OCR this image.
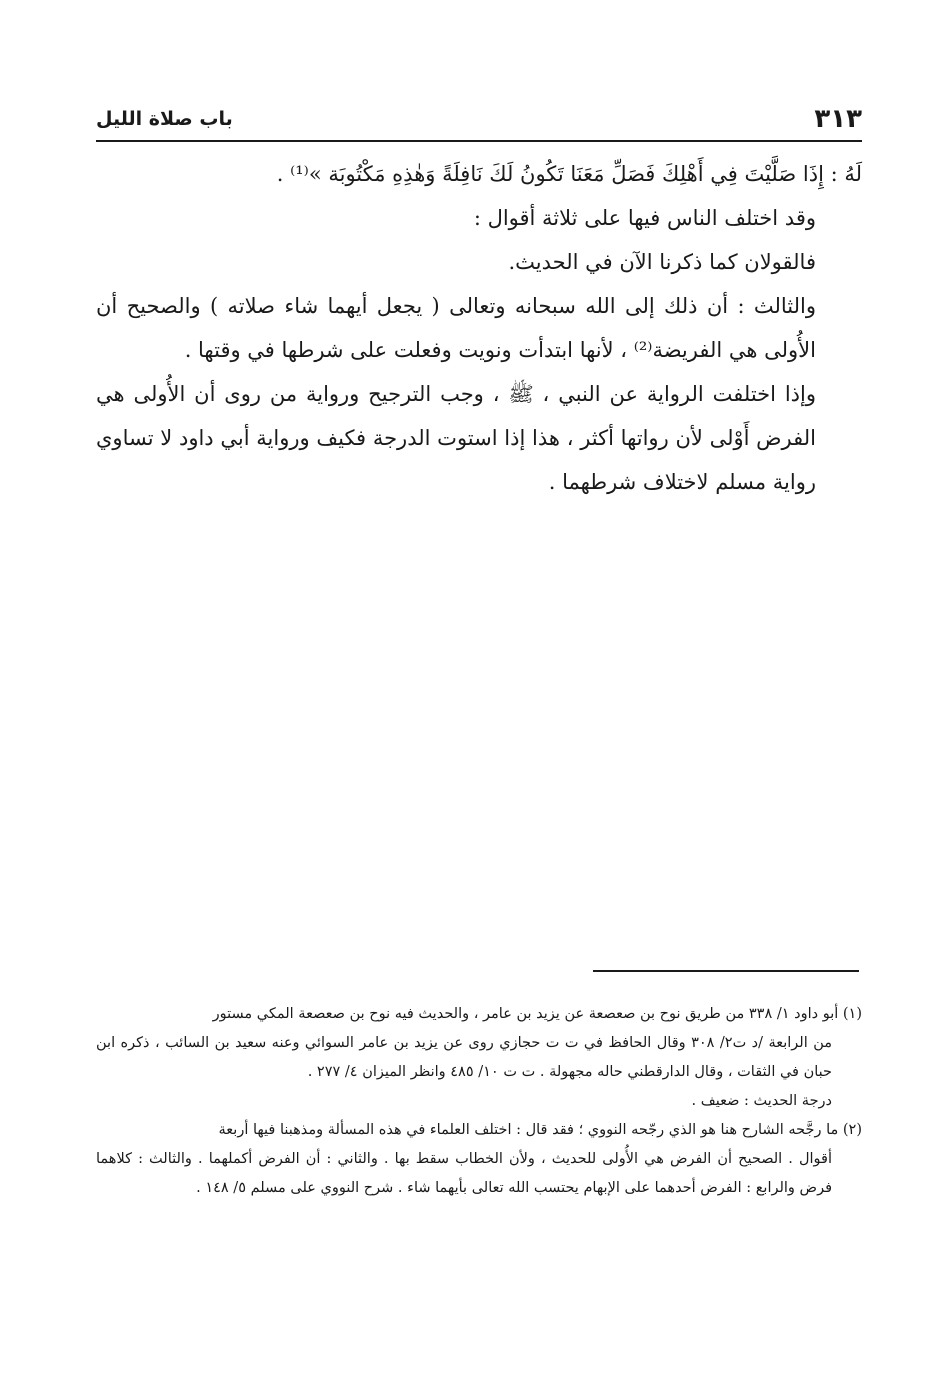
٣١٣
باب صلاة الليل

لَهُ : إِذَا صَلَّيْتَ فِي أَهْلِكَ فَصَلِّ مَعَنَا تَكُونُ لَكَ نَافِلَةً وَهٰذِهِ مَكْتُوبَة »⁽¹⁾ .

وقد اختلف الناس فيها على ثلاثة أقوال :

فالقولان كما ذكرنا الآن في الحديث.

والثالث : أن ذلك إلى الله سبحانه وتعالى ( يجعل أيهما شاء صلاته ) والصحيح أن الأُولى هي الفريضة⁽²⁾ ، لأنها ابتدأت ونويت وفعلت على شرطها في وقتها .

وإذا اختلفت الرواية عن النبي ، ﷺ ، وجب الترجيح ورواية من روى أن الأُولى هي الفرض أَوْلى لأن رواتها أكثر ، هذا إذا استوت الدرجة فكيف ورواية أبي داود لا تساوي رواية مسلم لاختلاف شرطهما .

(١) أبو داود ١/ ٣٣٨ من طريق نوح بن صعصعة عن يزيد بن عامر ، والحديث فيه نوح بن صعصعة المكي مستور

من الرابعة /د ت٢/ ٣٠٨ وقال الحافظ في ت ت حجازي روى عن يزيد بن عامر السوائي وعنه سعيد بن السائب ، ذكره ابن حبان في الثقات ، وقال الدارقطني حاله مجهولة . ت ت ١٠/ ٤٨٥ وانظر الميزان ٤/ ٢٧٧ .

درجة الحديث : ضعيف .

(٢) ما رجَّحه الشارح هنا هو الذي رجّحه النووي ؛ فقد قال : اختلف العلماء في هذه المسألة ومذهبنا فيها أربعة

أقوال . الصحيح أن الفرض هي الأُولى للحديث ، ولأن الخطاب سقط بها . والثاني : أن الفرض أكملهما . والثالث : كلاهما فرض والرابع : الفرض أحدهما على الإبهام يحتسب الله تعالى بأيهما شاء . شرح النووي على مسلم ٥/ ١٤٨ .
